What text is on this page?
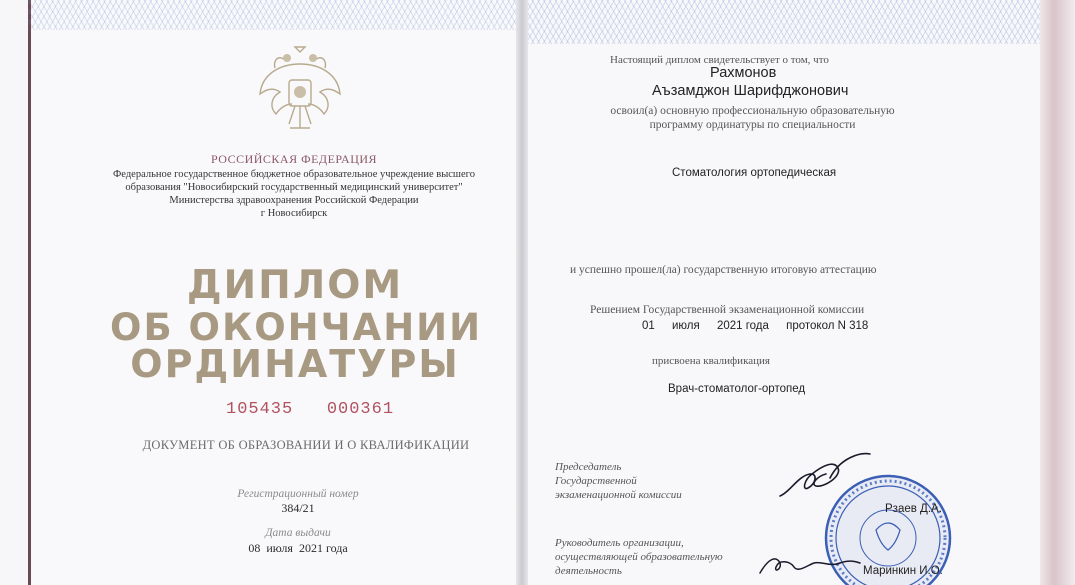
РОССИЙСКАЯ ФЕДЕРАЦИЯ
Федеральное государственное бюджетное образовательное учреждение высшего
образования "Новосибирский государственный медицинский университет"
Министерства здравоохранения Российской Федерации
г Новосибирск
ДИПЛОМ
ОБ ОКОНЧАНИИ
ОРДИНАТУРЫ
105435   000361
ДОКУМЕНТ ОБ ОБРАЗОВАНИИ И О КВАЛИФИКАЦИИ
Регистрационный номер
384/21
Дата выдачи
08  июля  2021 года
Настоящий диплом свидетельствует о том, что
Рахмонов
Аъзамджон Шарифджонович
освоил(а) основную профессиональную образовательную
программу ординатуры по специальности
Стоматология ортопедическая
и успешно прошел(ла) государственную итоговую аттестацию
Решением Государственной экзаменационной комиссии
01 июля 2021 года протокол N 318
присвоена квалификация
Врач-стоматолог-ортопед
Председатель Государственной экзаменационной комиссии
Руководитель организации, осуществляющей образовательную деятельность
Рзаев Д.А.
Маринкин И.О.
